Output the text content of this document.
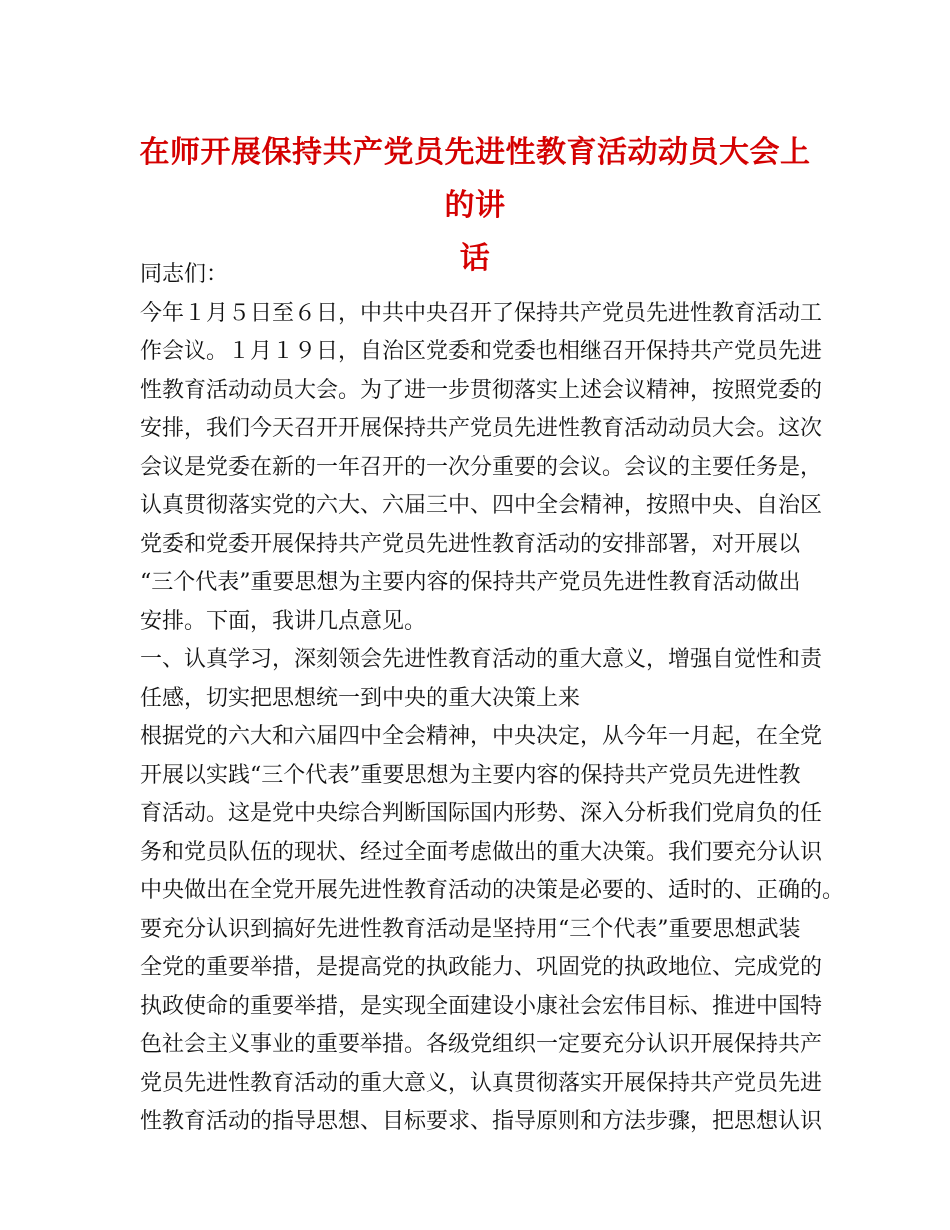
在师开展保持共产党员先进性教育活动动员大会上的讲
话
同志们：
今年１月５日至６日，中共中央召开了保持共产党员先进性教育活动工
作会议。１月１９日，自治区党委和党委也相继召开保持共产党员先进
性教育活动动员大会。为了进一步贯彻落实上述会议精神，按照党委的
安排，我们今天召开开展保持共产党员先进性教育活动动员大会。这次
会议是党委在新的一年召开的一次分重要的会议。会议的主要任务是，
认真贯彻落实党的六大、六届三中、四中全会精神，按照中央、自治区
党委和党委开展保持共产党员先进性教育活动的安排部署，对开展以
“三个代表”重要思想为主要内容的保持共产党员先进性教育活动做出
安排。下面，我讲几点意见。
一、认真学习，深刻领会先进性教育活动的重大意义，增强自觉性和责
任感，切实把思想统一到中央的重大决策上来
根据党的六大和六届四中全会精神，中央决定，从今年一月起，在全党
开展以实践“三个代表”重要思想为主要内容的保持共产党员先进性教
育活动。这是党中央综合判断国际国内形势、深入分析我们党肩负的任
务和党员队伍的现状、经过全面考虑做出的重大决策。我们要充分认识
中央做出在全党开展先进性教育活动的决策是必要的、适时的、正确的。
要充分认识到搞好先进性教育活动是坚持用“三个代表”重要思想武装
全党的重要举措，是提高党的执政能力、巩固党的执政地位、完成党的
执政使命的重要举措，是实现全面建设小康社会宏伟目标、推进中国特
色社会主义事业的重要举措。各级党组织一定要充分认识开展保持共产
党员先进性教育活动的重大意义，认真贯彻落实开展保持共产党员先进
性教育活动的指导思想、目标要求、指导原则和方法步骤，把思想认识
